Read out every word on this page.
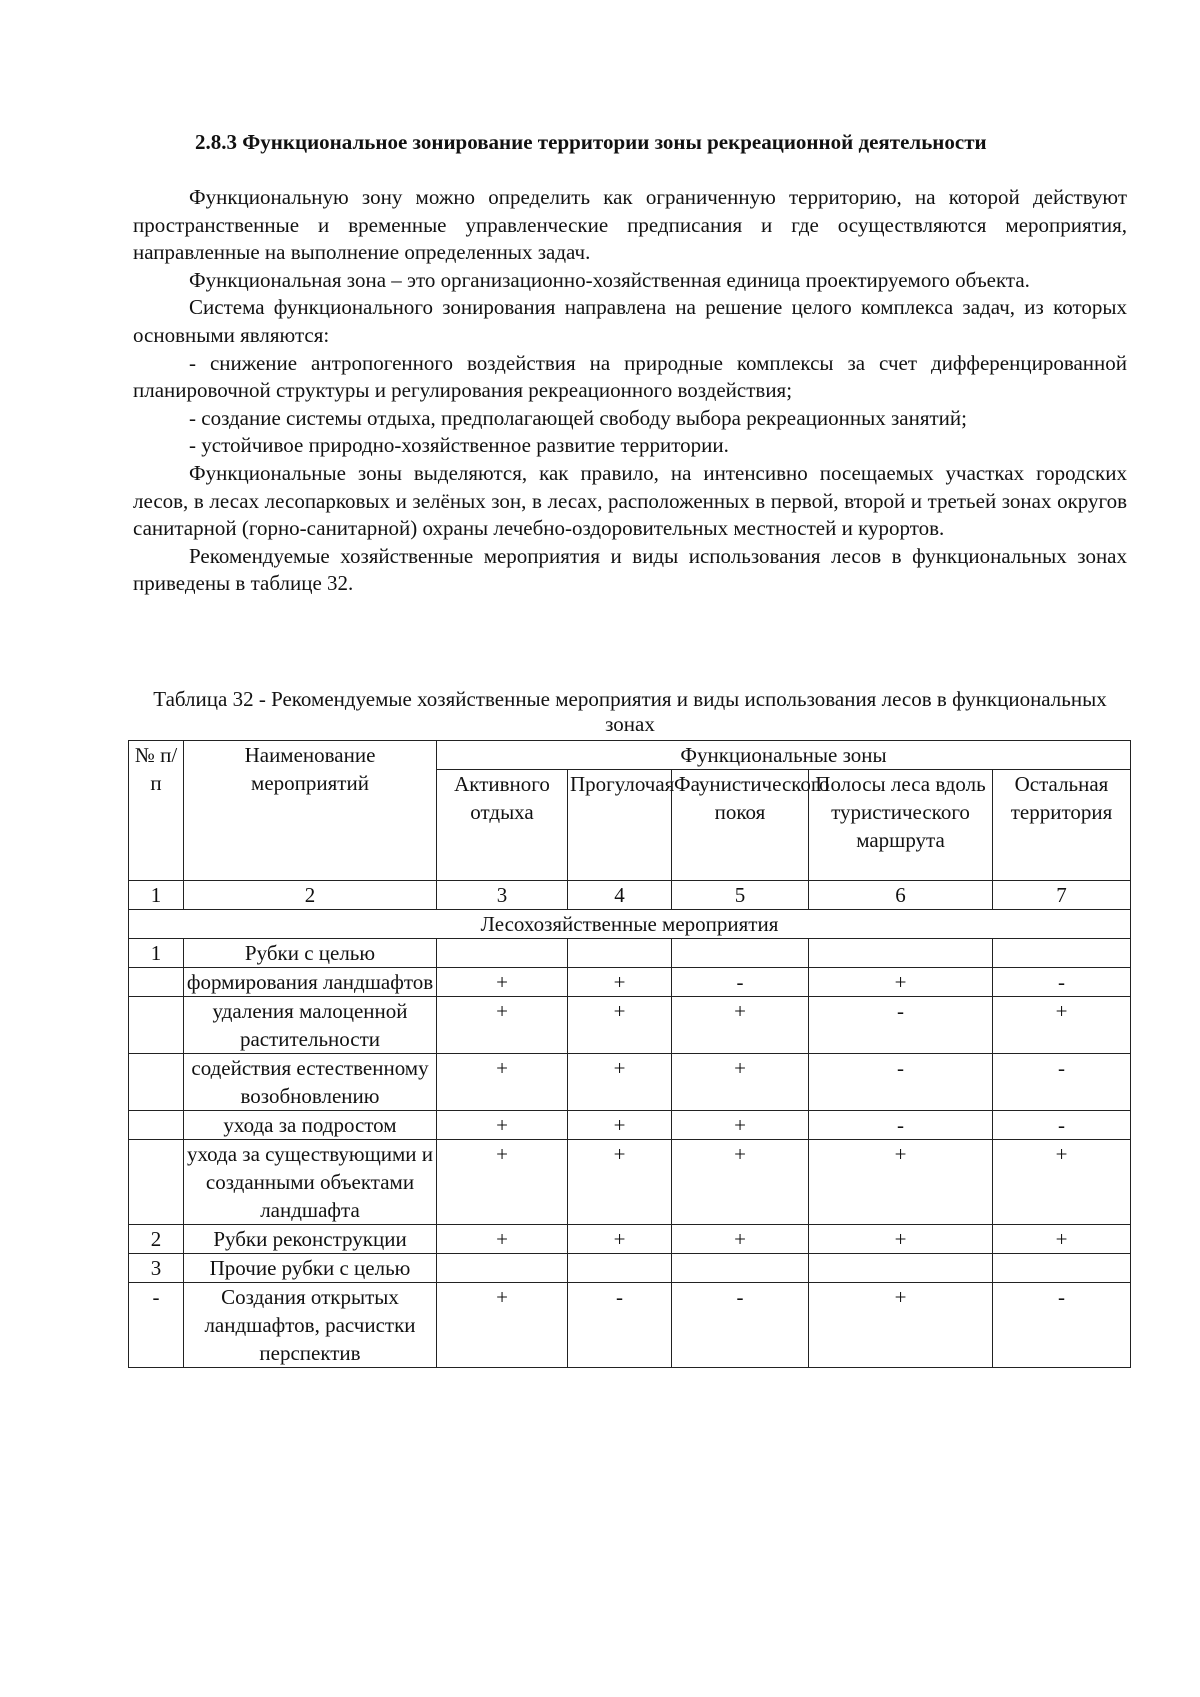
2.8.3 Функциональное зонирование территории зоны рекреационной деятельности

Функциональную зону можно определить как ограниченную территорию, на которой действуют пространственные и временные управленческие предписания и где осуществляются мероприятия, направленные на выполнение определенных задач.

Функциональная зона – это организационно-хозяйственная единица проектируемого объекта.

Система функционального зонирования направлена на решение целого комплекса задач, из которых основными являются:

- снижение антропогенного воздействия на природные комплексы за счет дифференцированной планировочной структуры и регулирования рекреационного воздействия;

- создание системы отдыха, предполагающей свободу выбора рекреационных занятий;

- устойчивое природно-хозяйственное развитие территории.

Функциональные зоны выделяются, как правило, на интенсивно посещаемых участках городских лесов, в лесах лесопарковых и зелёных зон, в лесах, расположенных в первой, второй и третьей зонах округов санитарной (горно-санитарной) охраны лечебно-оздоровительных местностей и курортов.

Рекомендуемые хозяйственные мероприятия и виды использования лесов в функциональных зонах приведены в таблице 32.

Таблица 32 - Рекомендуемые хозяйственные мероприятия и виды использования лесов в функциональных зонах
№ п/п	Наименование мероприятий	Функциональные зоны				
		Активного отдыха	Прогулочая	Фаунистического покоя	Полосы леса вдоль туристического маршрута	Остальная территория
1	2	3	4	5	6	7
Лесохозяйственные мероприятия						
1	Рубки с целью					
	формирования ландшафтов	+	+	-	+	-
	удаления малоценной растительности	+	+	+	-	+
	содействия естественному возобновлению	+	+	+	-	-
	ухода за подростом	+	+	+	-	-
	ухода за существующими и созданными объектами ландшафта	+	+	+	+	+
2	Рубки реконструкции	+	+	+	+	+
3	Прочие рубки с целью					
-	Создания открытых ландшафтов, расчистки перспектив	+	-	-	+	-
